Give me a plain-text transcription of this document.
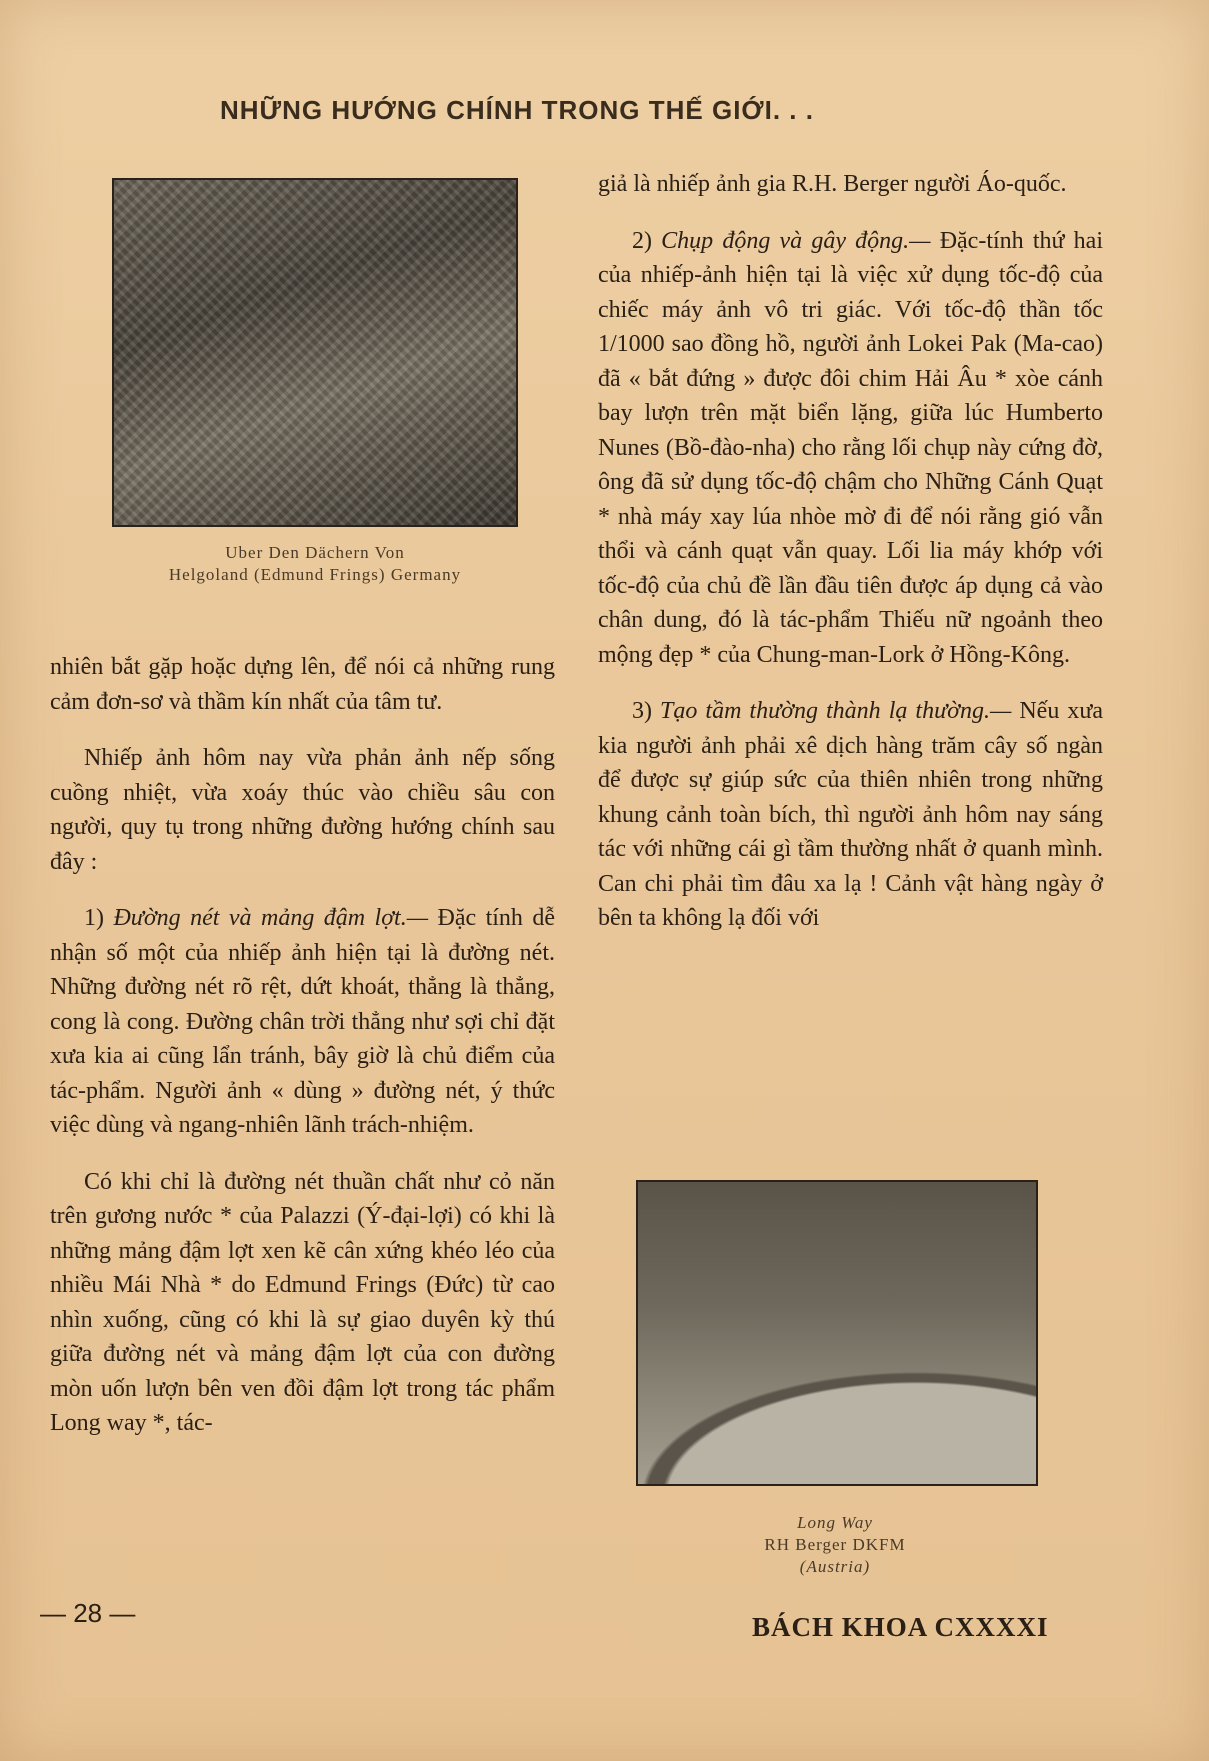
NHỮNG HƯỚNG CHÍNH TRONG THẾ GIỚI. . .
Uber Den Dächern Von
Helgoland (Edmund Frings) Germany

nhiên bắt gặp hoặc dựng lên, để nói cả những rung cảm đơn-sơ và thầm kín nhất của tâm tư.

Nhiếp ảnh hôm nay vừa phản ảnh nếp sống cuồng nhiệt, vừa xoáy thúc vào chiều sâu con người, quy tụ trong những đường hướng chính sau đây :

1) Đường nét và mảng đậm lợt.— Đặc tính dễ nhận số một của nhiếp ảnh hiện tại là đường nét. Những đường nét rõ rệt, dứt khoát, thẳng là thẳng, cong là cong. Đường chân trời thẳng như sợi chỉ đặt xưa kia ai cũng lẩn tránh, bây giờ là chủ điểm của tác-phẩm. Người ảnh « dùng » đường nét, ý thức việc dùng và ngang-nhiên lãnh trách-nhiệm.

Có khi chỉ là đường nét thuần chất như cỏ năn trên gương nước * của Palazzi (Ý-đại-lợi) có khi là những mảng đậm lợt xen kẽ cân xứng khéo léo của nhiều Mái Nhà * do Edmund Frings (Đức) từ cao nhìn xuống, cũng có khi là sự giao duyên kỳ thú giữa đường nét và mảng đậm lợt của con đường mòn uốn lượn bên ven đồi đậm lợt trong tác phẩm Long way *, tác-

giả là nhiếp ảnh gia R.H. Berger người Áo-quốc.

2) Chụp động và gây động.— Đặc-tính thứ hai của nhiếp-ảnh hiện tại là việc xử dụng tốc-độ của chiếc máy ảnh vô tri giác. Với tốc-độ thần tốc 1/1000 sao đồng hồ, người ảnh Lokei Pak (Ma-cao) đã « bắt đứng » được đôi chim Hải Âu * xòe cánh bay lượn trên mặt biển lặng, giữa lúc Humberto Nunes (Bồ-đào-nha) cho rằng lối chụp này cứng đờ, ông đã sử dụng tốc-độ chậm cho Những Cánh Quạt * nhà máy xay lúa nhòe mờ đi để nói rằng gió vẫn thổi và cánh quạt vẫn quay. Lối lia máy khớp với tốc-độ của chủ đề lần đầu tiên được áp dụng cả vào chân dung, đó là tác-phẩm Thiếu nữ ngoảnh theo mộng đẹp * của Chung-man-Lork ở Hồng-Kông.

3) Tạo tầm thường thành lạ thường.— Nếu xưa kia người ảnh phải xê dịch hàng trăm cây số ngàn để được sự giúp sức của thiên nhiên trong những khung cảnh toàn bích, thì người ảnh hôm nay sáng tác với những cái gì tầm thường nhất ở quanh mình. Can chi phải tìm đâu xa lạ ! Cảnh vật hàng ngày ở bên ta không lạ đối với

Long Way
RH Berger DKFM
(Austria)
— 28 —	BÁCH KHOA CXXXXI
